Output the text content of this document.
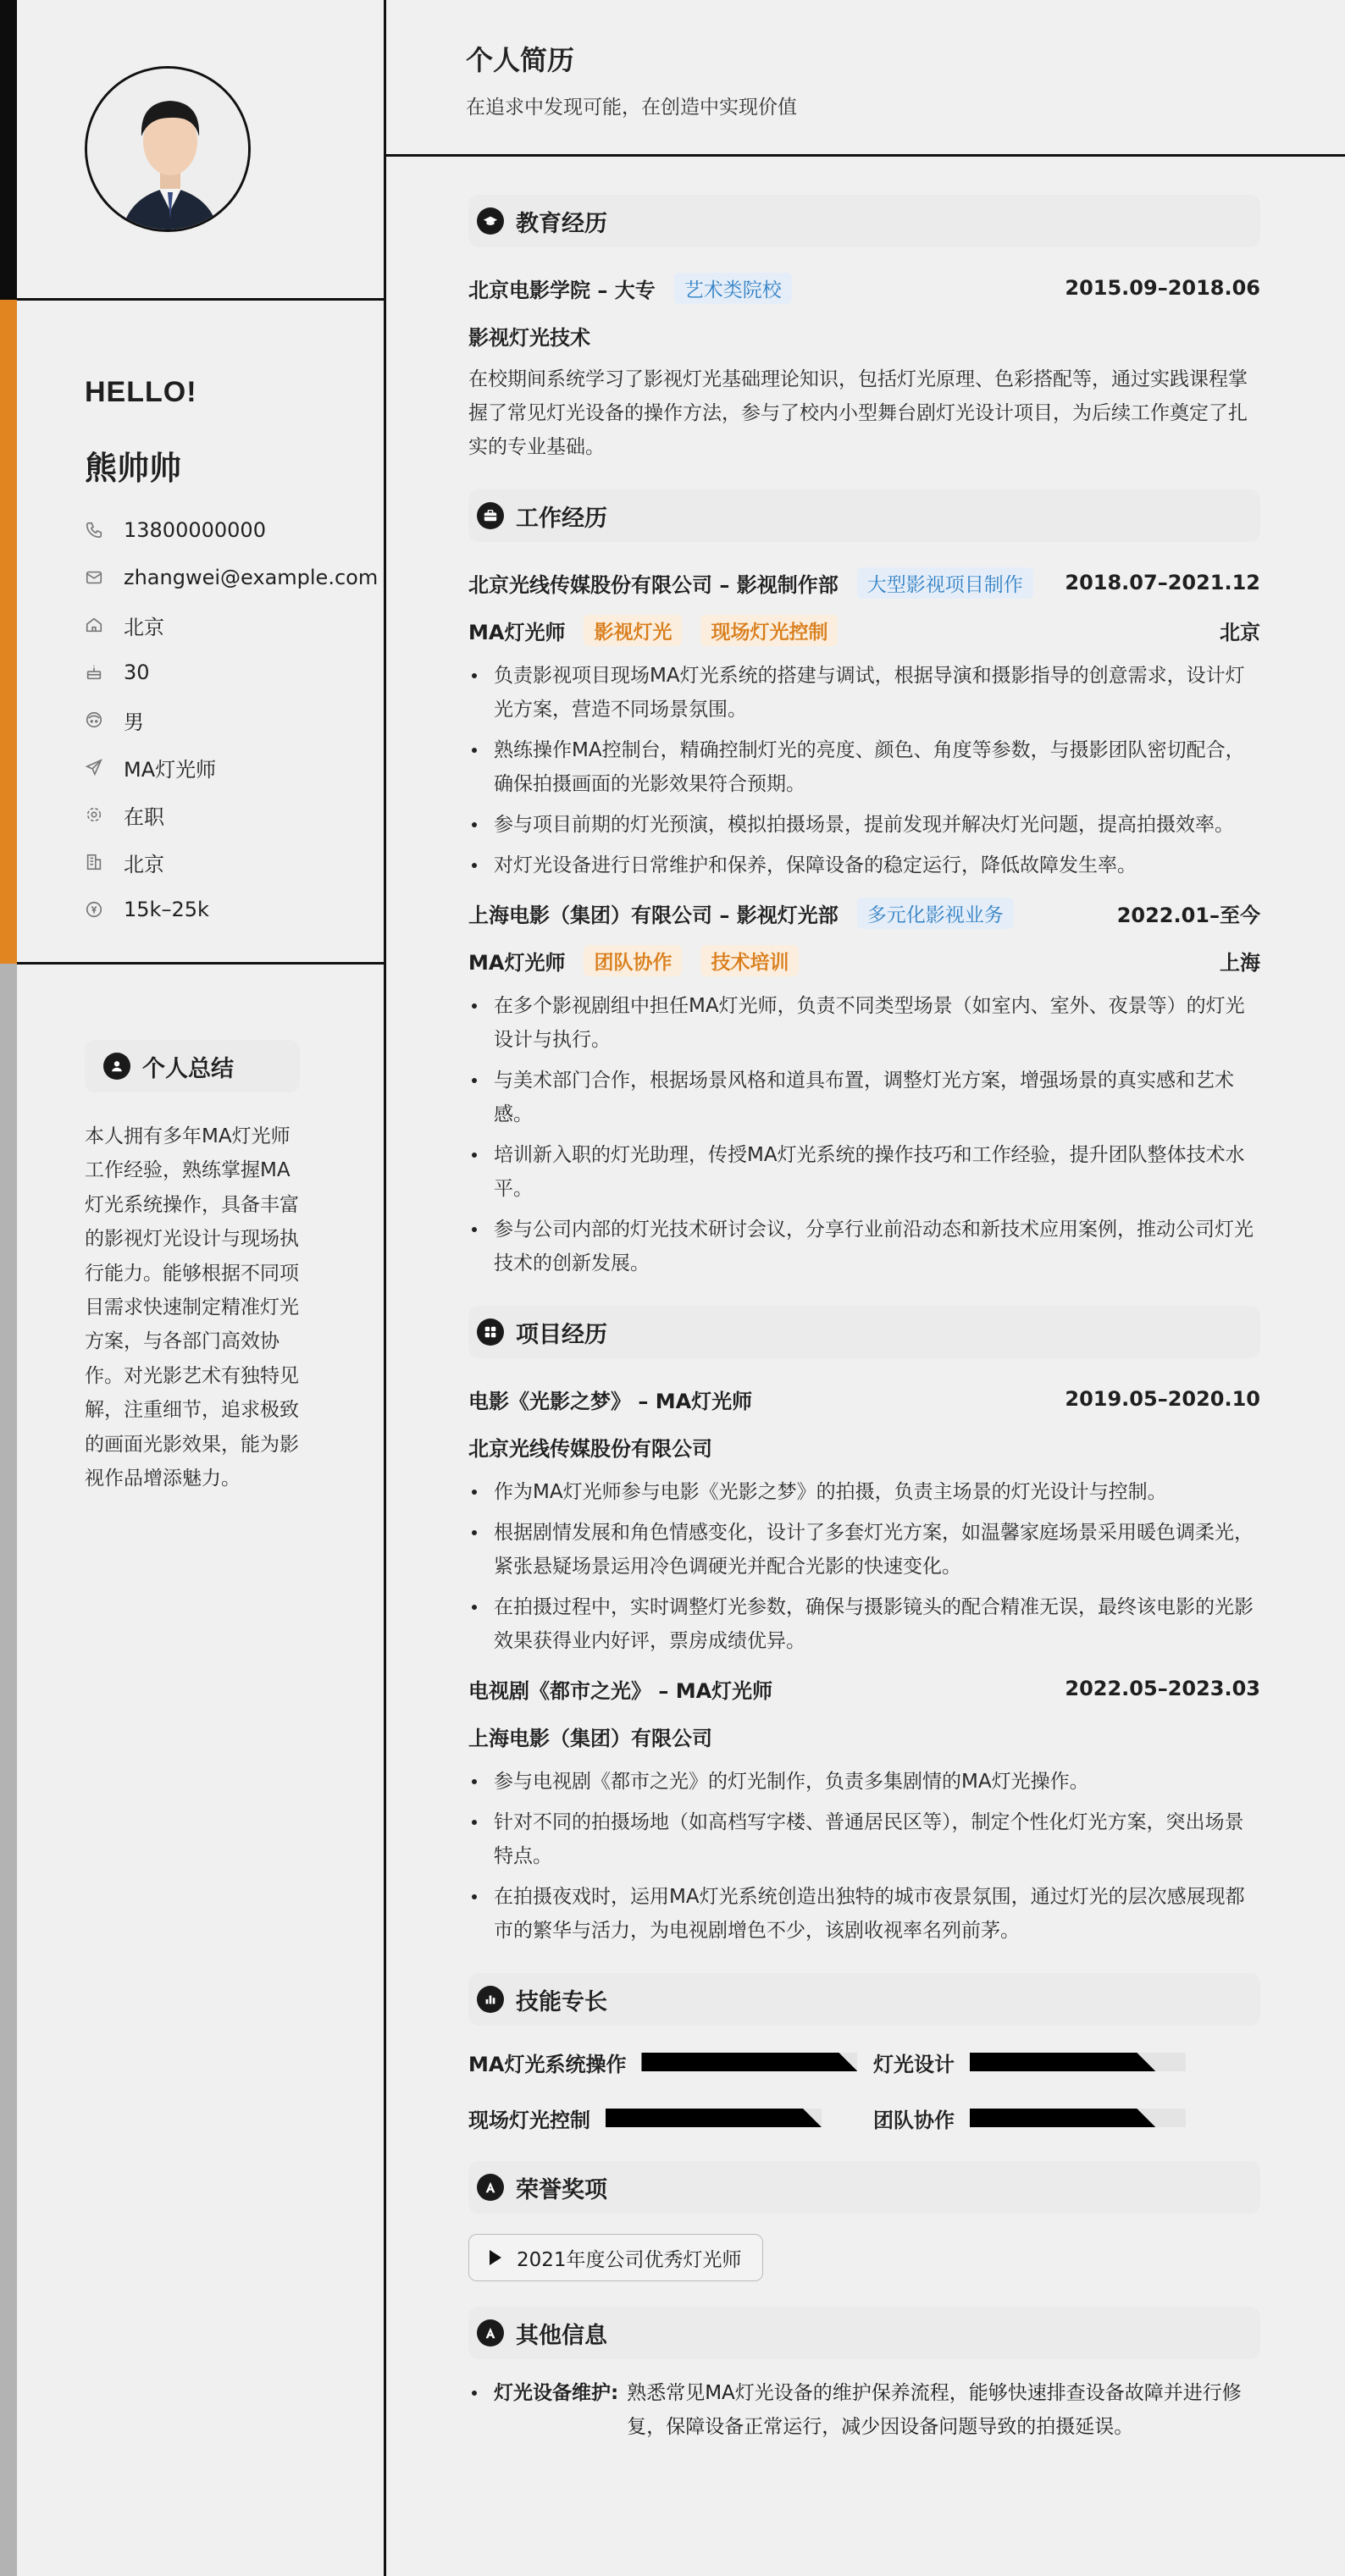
HELLO!
熊帅帅
13800000000
zhangwei@example.com
北京
30
男
MA灯光师
在职
北京
15k–25k
个人总结
本人拥有多年MA灯光师工作经验，熟练掌握MA灯光系统操作，具备丰富的影视灯光设计与现场执行能力。能够根据不同项目需求快速制定精准灯光方案，与各部门高效协作。对光影艺术有独特见解，注重细节，追求极致的画面光影效果，能为影视作品增添魅力。
个人简历
在追求中发现可能，在创造中实现价值
教育经历
北京电影学院 – 大专	艺术类院校	2015.09–2018.06
影视灯光技术
在校期间系统学习了影视灯光基础理论知识，包括灯光原理、色彩搭配等，通过实践课程掌握了常见灯光设备的操作方法，参与了校内小型舞台剧灯光设计项目，为后续工作奠定了扎实的专业基础。
工作经历
北京光线传媒股份有限公司 – 影视制作部	大型影视项目制作	2018.07–2021.12
MA灯光师	影视灯光	现场灯光控制	北京
负责影视项目现场MA灯光系统的搭建与调试，根据导演和摄影指导的创意需求，设计灯光方案，营造不同场景氛围。
熟练操作MA控制台，精确控制灯光的亮度、颜色、角度等参数，与摄影团队密切配合，确保拍摄画面的光影效果符合预期。
参与项目前期的灯光预演，模拟拍摄场景，提前发现并解决灯光问题，提高拍摄效率。
对灯光设备进行日常维护和保养，保障设备的稳定运行，降低故障发生率。
上海电影（集团）有限公司 – 影视灯光部	多元化影视业务	2022.01–至今
MA灯光师	团队协作	技术培训	上海
在多个影视剧组中担任MA灯光师，负责不同类型场景（如室内、室外、夜景等）的灯光设计与执行。
与美术部门合作，根据场景风格和道具布置，调整灯光方案，增强场景的真实感和艺术感。
培训新入职的灯光助理，传授MA灯光系统的操作技巧和工作经验，提升团队整体技术水平。
参与公司内部的灯光技术研讨会议，分享行业前沿动态和新技术应用案例，推动公司灯光技术的创新发展。
项目经历
电影《光影之梦》 – MA灯光师	2019.05–2020.10
北京光线传媒股份有限公司
作为MA灯光师参与电影《光影之梦》的拍摄，负责主场景的灯光设计与控制。
根据剧情发展和角色情感变化，设计了多套灯光方案，如温馨家庭场景采用暖色调柔光，紧张悬疑场景运用冷色调硬光并配合光影的快速变化。
在拍摄过程中，实时调整灯光参数，确保与摄影镜头的配合精准无误，最终该电影的光影效果获得业内好评，票房成绩优异。
电视剧《都市之光》 – MA灯光师	2022.05–2023.03
上海电影（集团）有限公司
参与电视剧《都市之光》的灯光制作，负责多集剧情的MA灯光操作。
针对不同的拍摄场地（如高档写字楼、普通居民区等），制定个性化灯光方案，突出场景特点。
在拍摄夜戏时，运用MA灯光系统创造出独特的城市夜景氛围，通过灯光的层次感展现都市的繁华与活力，为电视剧增色不少，该剧收视率名列前茅。
技能专长
MA灯光系统操作	灯光设计
现场灯光控制	团队协作
荣誉奖项
2021年度公司优秀灯光师
其他信息
灯光设备维护: 熟悉常见MA灯光设备的维护保养流程，能够快速排查设备故障并进行修复，保障设备正常运行，减少因设备问题导致的拍摄延误。
